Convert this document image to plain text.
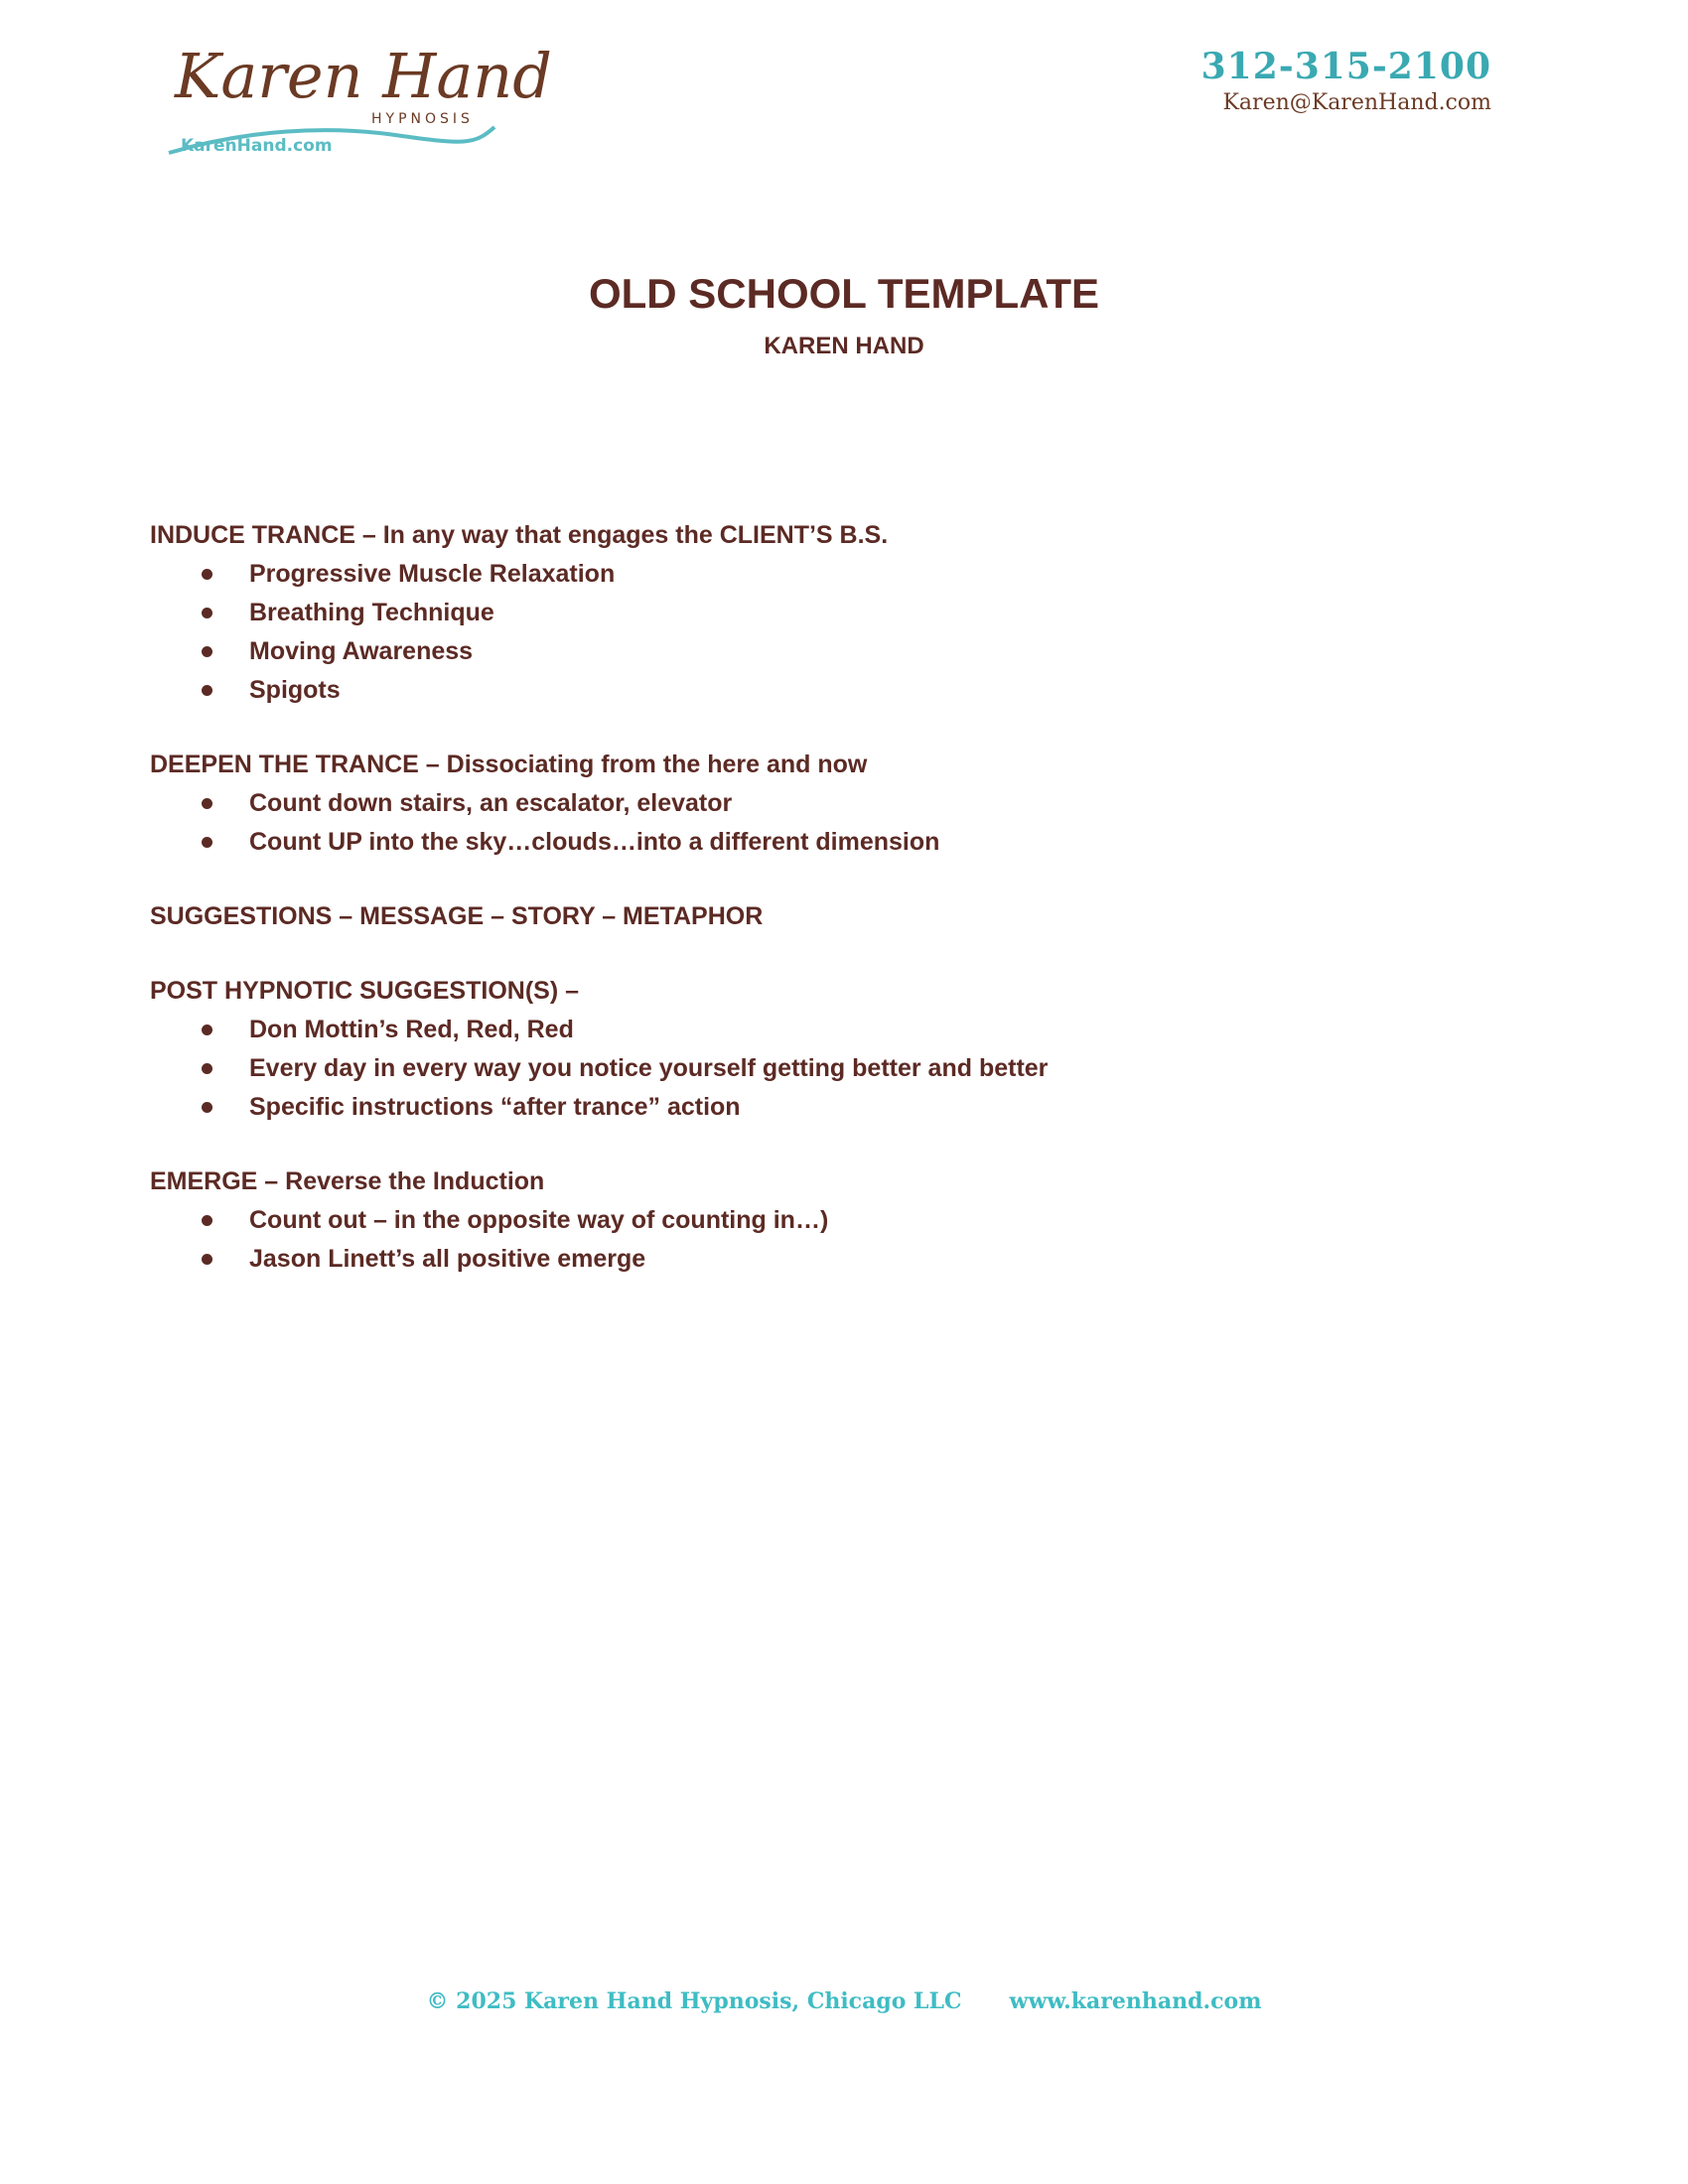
Karen Hand
HYPNOSIS
KarenHand.com
312-315-2100
Karen@KarenHand.com
OLD SCHOOL TEMPLATE
KAREN HAND
INDUCE TRANCE – In any way that engages the CLIENT’S B.S.
Progressive Muscle Relaxation
Breathing Technique
Moving Awareness
Spigots
DEEPEN THE TRANCE – Dissociating from the here and now
Count down stairs, an escalator, elevator
Count UP into the sky…clouds…into a different dimension
SUGGESTIONS – MESSAGE – STORY – METAPHOR
POST HYPNOTIC SUGGESTION(S) –
Don Mottin’s Red, Red, Red
Every day in every way you notice yourself getting better and better
Specific instructions “after trance” action
EMERGE – Reverse the Induction
Count out – in the opposite way of counting in…)
Jason Linett’s all positive emerge
© 2025 Karen Hand Hypnosis, Chicago LLC www.karenhand.com
